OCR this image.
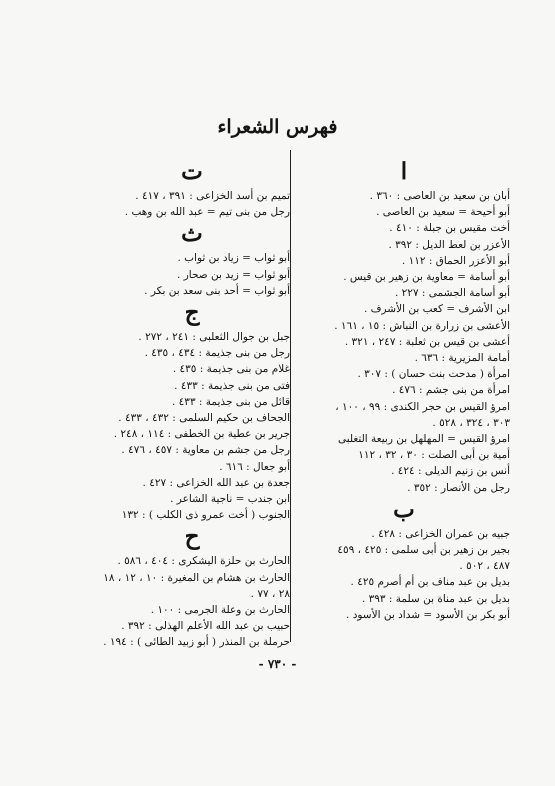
فهرس الشعراء
ا
أبان بن سعيد بن العاصى : ٣٦٠ .
أبو أحيحة = سعيد بن العاصى .
أخت مقيس بن جبلة : ٤١٠ .
الأعزر بن لعط الديل : ٣٩٢ .
أبو الأعزر الحماق : ١١٢ .
أبو أسامة = معاوية بن زهير بن قيس .
أبو أسامة الجشمى : ٢٢٧ .
ابن الأشرف = كعب بن الأشرف .
الأعشى بن زرارة بن النباش : ١٥ ، ١٦١ .
أعشى بن قيس بن ثعلبة : ٢٤٧ ، ٣٢١ .
أمامة المزيرية : ٦٣٦ .
امرأة ( مدحت بنت حسان ) : ٣٠٧ .
امرأة من بنى جشم : ٤٧٦ .
امرؤ القيس بن حجر الكندى : ٩٩ ، ١٠٠ ،
٣٠٣ ، ٣٢٤ ، ٥٢٨ .
امرؤ القيس = المهلهل بن ربيعة التغلبى
أمية بن أبى الصلت : ٣٠ ، ٣٢ ، ١١٢
أنس بن زنيم الديلى : ٤٢٤ .
رجل من الأنصار : ٣٥٢ .
ب
جبيه بن عمران الخزاعى : ٤٢٨ .
بجير بن زهير بن أبى سلمى : ٤٢٥ ، ٤٥٩
٤٨٧ ، ٥٠٢ .
بديل بن عبد مناف بن أم أصرم ٤٢٥ .
بديل بن عبد مناة بن سلمة : ٣٩٣ .
أبو بكر بن الأسود = شداد بن الأسود .
ت
تميم بن أسد الخزاعى : ٣٩١ ، ٤١٧ .
رجل من بنى تيم = عبد الله بن وهب .
ث
أبو ثواب = زياد بن ثواب .
أبو ثواب = زيد بن صحار .
أبو ثواب = أحد بنى سعد بن بكر .
ج
جبل بن جوال الثعلبى : ٢٤١ ، ٢٧٢ .
رجل من بنى جذيمة : ٤٣٤ ، ٤٣٥ .
غلام من بنى جذيمة : ٤٣٥ .
فتى من بنى جذيمة : ٤٣٣ .
قائل من بنى جذيمة : ٤٣٣ .
الجحاف بن حكيم السلمى : ٤٣٢ ، ٤٣٣ .
جرير بن عطية بن الخطفى : ١١٤ ، ٢٤٨ .
رجل من جشم بن معاوية : ٤٥٧ ، ٤٧٦ .
أبو جعال : ٦١٦ .
جعدة بن عبد الله الخزاعى : ٤٢٧ .
ابن جندب = ناجية الشاعر .
الجنوب ( أخت عمرو ذى الكلب ) : ١٣٢
ح
الحارث بن حلزة اليشكرى : ٤٠٤ ، ٥٨٦ .
الحارث بن هشام بن المغيرة : ١٠ ، ١٢ ، ١٨
٢٨ ، ٧٧ .
الحارث بن وعلة الجرمى : ١٠٠ .
حبيب بن عبد الله الأعلم الهذلى : ٣٩٢ .
حرملة بن المنذر ( أبو زبيد الطائى ) : ١٩٤ .
- ٧٣٠ -
